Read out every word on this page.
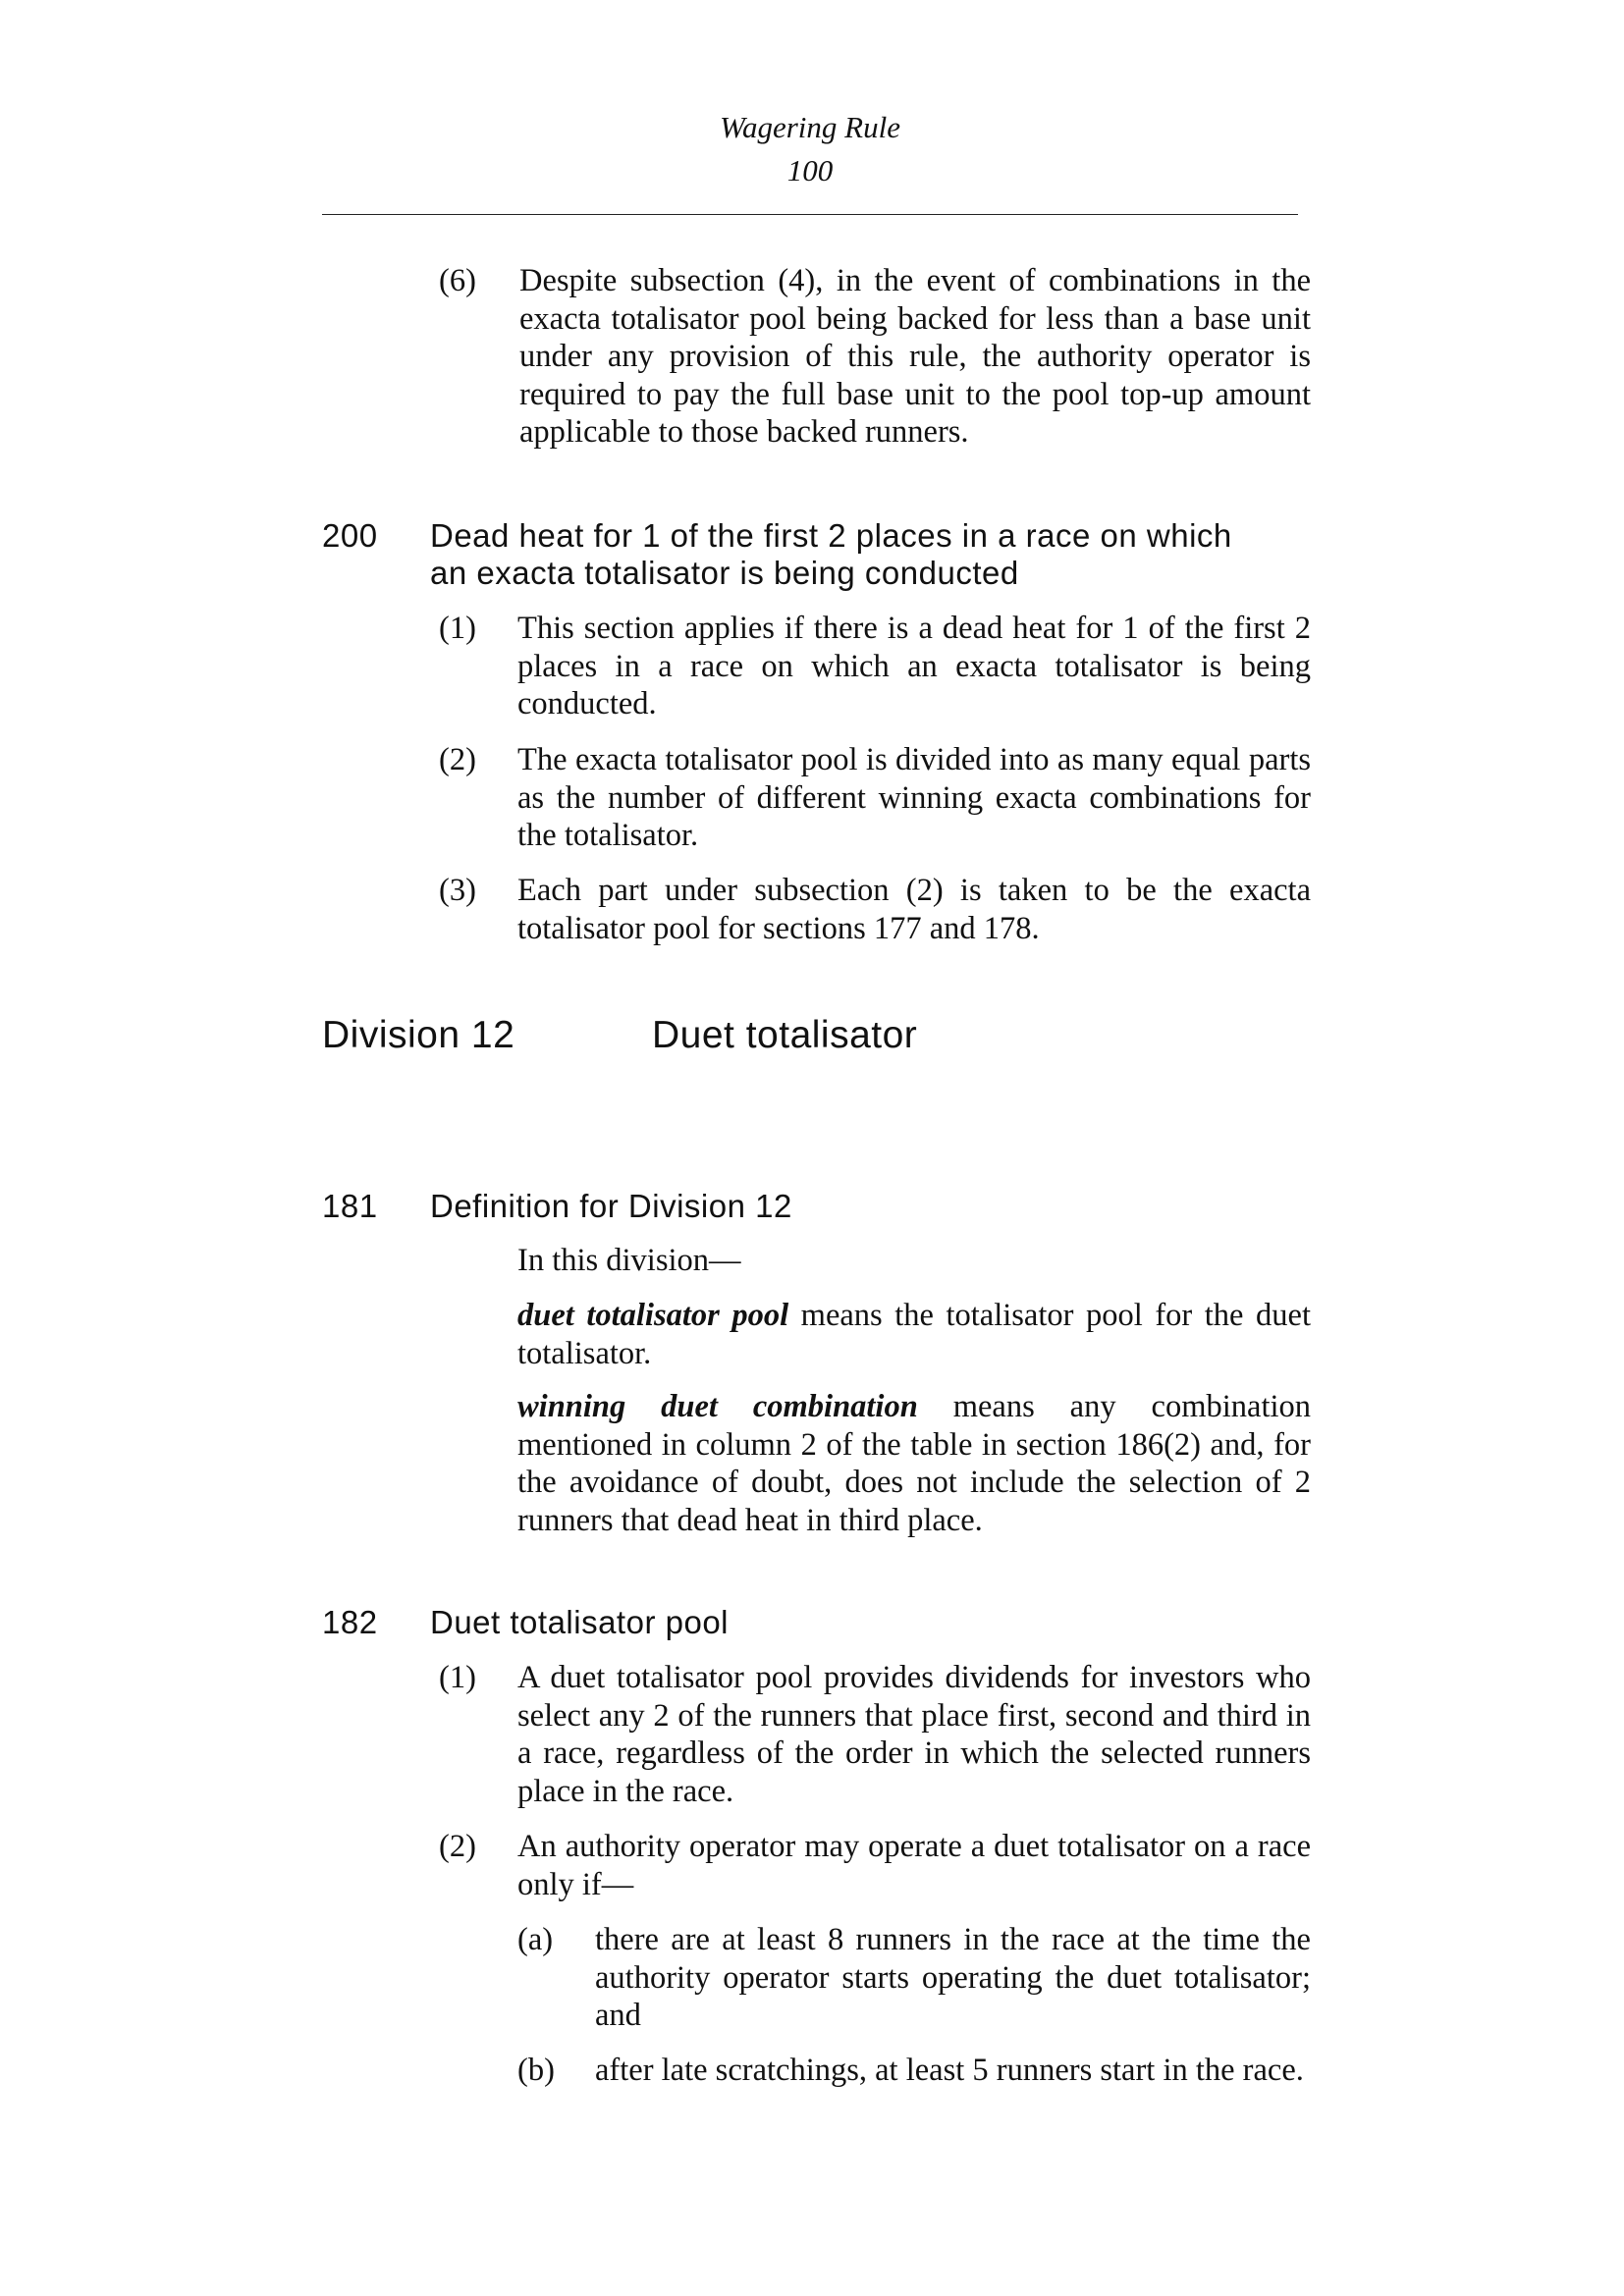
Wagering Rule
100
(6) Despite subsection (4), in the event of combinations in the exacta totalisator pool being backed for less than a base unit under any provision of this rule, the authority operator is required to pay the full base unit to the pool top-up amount applicable to those backed runners.
200 Dead heat for 1 of the first 2 places in a race on which
an exacta totalisator is being conducted
(1) This section applies if there is a dead heat for 1 of the first 2 places in a race on which an exacta totalisator is being conducted.
(2) The exacta totalisator pool is divided into as many equal parts as the number of different winning exacta combinations for the totalisator.
(3) Each part under subsection (2) is taken to be the exacta totalisator pool for sections 177 and 178.
Division 12	Duet totalisator
181 Definition for Division 12
In this division—
duet totalisator pool means the totalisator pool for the duet totalisator.
winning duet combination means any combination mentioned in column 2 of the table in section 186(2) and, for the avoidance of doubt, does not include the selection of 2 runners that dead heat in third place.
182 Duet totalisator pool
(1) A duet totalisator pool provides dividends for investors who select any 2 of the runners that place first, second and third in a race, regardless of the order in which the selected runners place in the race.
(2) An authority operator may operate a duet totalisator on a race only if—
(a) there are at least 8 runners in the race at the time the authority operator starts operating the duet totalisator; and
(b) after late scratchings, at least 5 runners start in the race.
